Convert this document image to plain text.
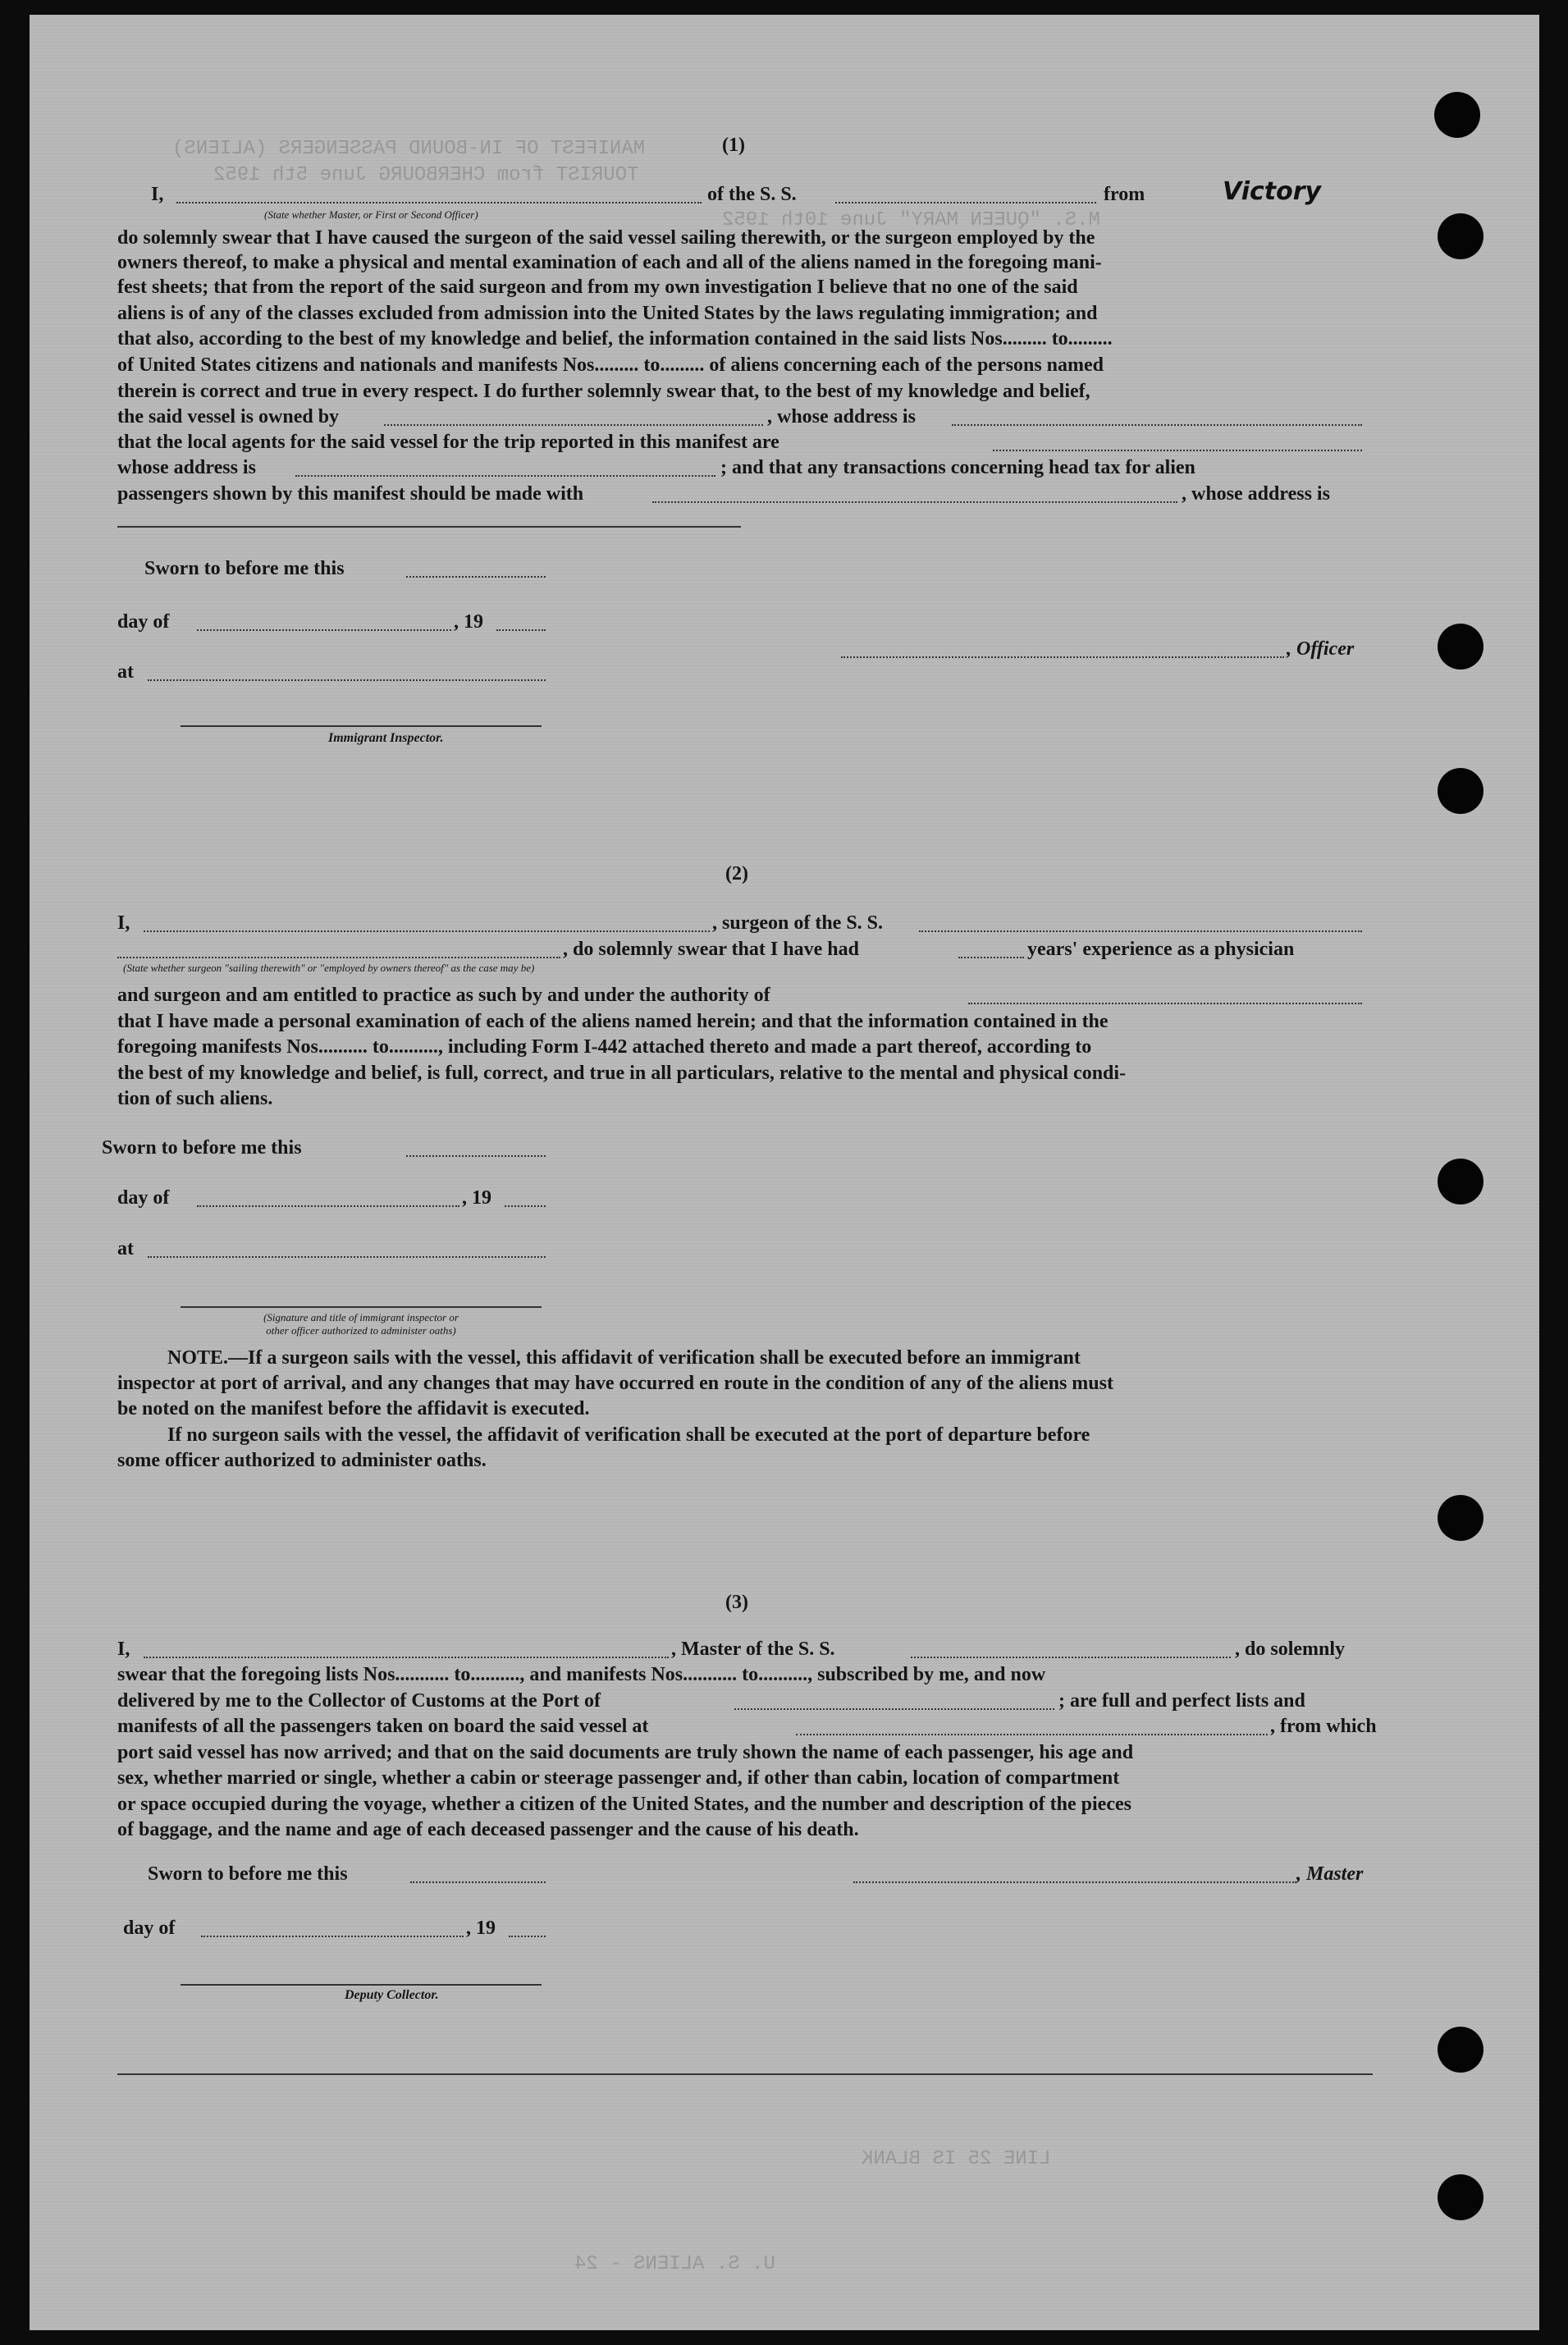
MANIFEST OF IN-BOUND PASSENGERS (ALIENS)
TOURIST from CHERBOURG June 5th 1952
M.S. "QUEEN MARY" June 10th 1952
LINE 25 IS BLANK
U. S. ALIENS - 24
(1)
I,	of the S. S.	from	Victory
(State whether Master, or First or Second Officer)
do solemnly swear that I have caused the surgeon of the said vessel sailing therewith, or the surgeon employed by the
owners thereof, to make a physical and mental examination of each and all of the aliens named in the foregoing mani-
fest sheets; that from the report of the said surgeon and from my own investigation I believe that no one of the said
aliens is of any of the classes excluded from admission into the United States by the laws regulating immigration; and
that also, according to the best of my knowledge and belief, the information contained in the said lists Nos......... to.........
of United States citizens and nationals and manifests Nos......... to......... of aliens concerning each of the persons named
therein is correct and true in every respect. I do further solemnly swear that, to the best of my knowledge and belief,
the said vessel is owned by	, whose address is
that the local agents for the said vessel for the trip reported in this manifest are
whose address is	; and that any transactions concerning head tax for alien
passengers shown by this manifest should be made with	, whose address is
Sworn to before me this
day of	, 19
at
, Officer
Immigrant Inspector.
(2)
I,	, surgeon of the S. S.
, do solemnly swear that I have had	years' experience as a physician
(State whether surgeon "sailing therewith" or "employed by owners thereof" as the case may be)
and surgeon and am entitled to practice as such by and under the authority of
that I have made a personal examination of each of the aliens named herein; and that the information contained in the
foregoing manifests Nos.......... to.........., including Form I-442 attached thereto and made a part thereof, according to
the best of my knowledge and belief, is full, correct, and true in all particulars, relative to the mental and physical condi-
tion of such aliens.
Sworn to before me this
day of	, 19
at
(Signature and title of immigrant inspector or
other officer authorized to administer oaths)
NOTE.—If a surgeon sails with the vessel, this affidavit of verification shall be executed before an immigrant
inspector at port of arrival, and any changes that may have occurred en route in the condition of any of the aliens must
be noted on the manifest before the affidavit is executed.
If no surgeon sails with the vessel, the affidavit of verification shall be executed at the port of departure before
some officer authorized to administer oaths.
(3)
I,	, Master of the S. S.	, do solemnly
swear that the foregoing lists Nos........... to.........., and manifests Nos........... to.........., subscribed by me, and now
delivered by me to the Collector of Customs at the Port of	; are full and perfect lists and
manifests of all the passengers taken on board the said vessel at	, from which
port said vessel has now arrived; and that on the said documents are truly shown the name of each passenger, his age and
sex, whether married or single, whether a cabin or steerage passenger and, if other than cabin, location of compartment
or space occupied during the voyage, whether a citizen of the United States, and the number and description of the pieces
of baggage, and the name and age of each deceased passenger and the cause of his death.
Sworn to before me this	, Master
day of	, 19
Deputy Collector.
